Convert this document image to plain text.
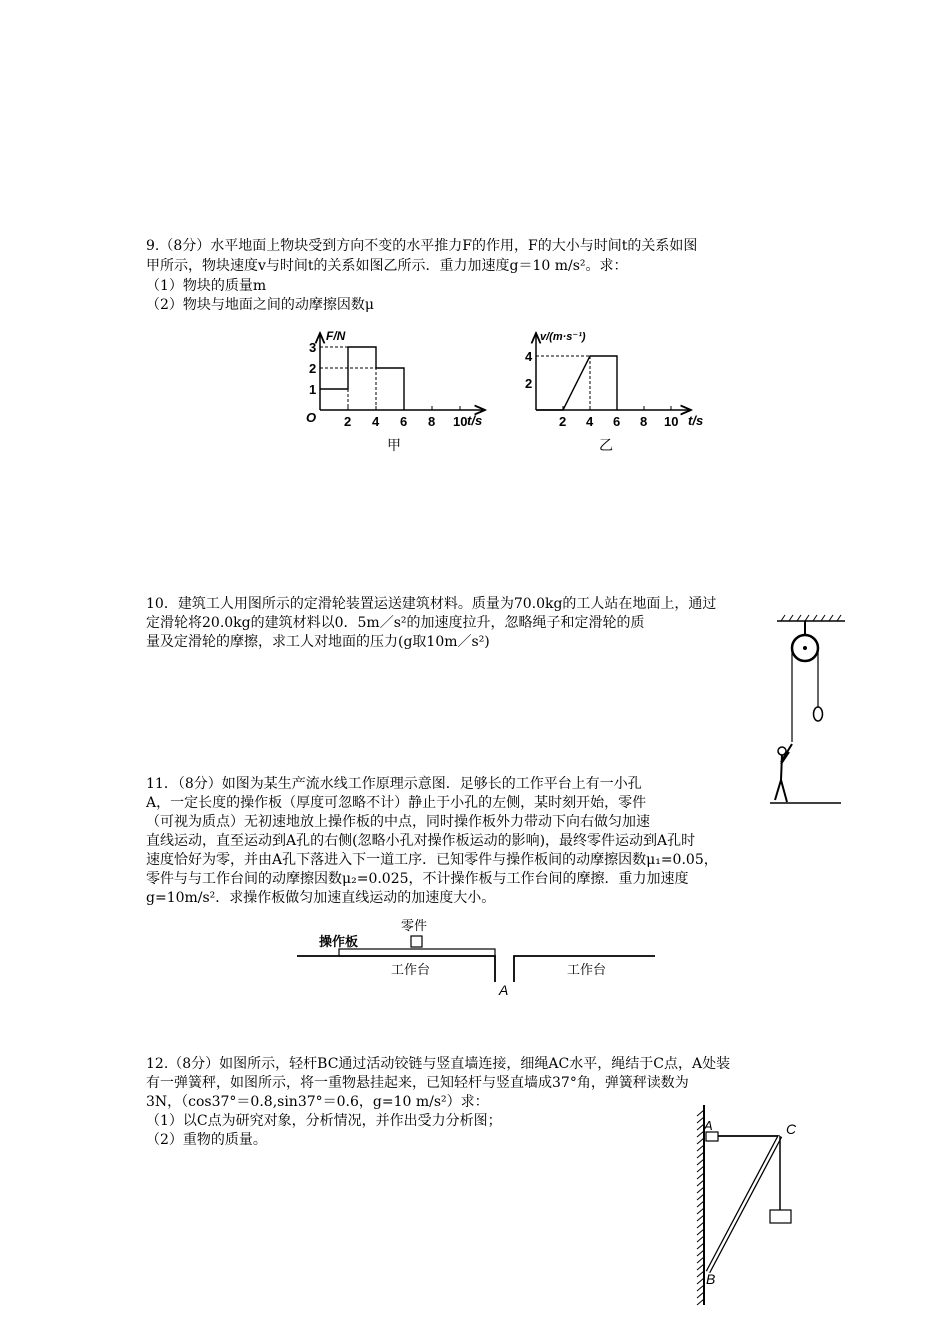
9.（8分）水平地面上物块受到方向不变的水平推力F的作用，F的大小与时间t的关系如图
甲所示，物块速度v与时间t的关系如图乙所示．重力加速度g＝10 m/s²。求：
（1）物块的质量m
（2）物块与地面之间的动摩擦因数μ
F/N
t/s
O 2 4 6 8 10
1
2
3
甲
v/(m·s⁻¹)
t/s
2 4 6 8 10
2
4
乙
10．建筑工人用图所示的定滑轮装置运送建筑材料。质量为70.0kg的工人站在地面上，通过
定滑轮将20.0kg的建筑材料以0．5m／s²的加速度拉升，忽略绳子和定滑轮的质
量及定滑轮的摩擦，求工人对地面的压力(g取10m／s²)
11．（8分）如图为某生产流水线工作原理示意图．足够长的工作平台上有一小孔
A，一定长度的操作板（厚度可忽略不计）静止于小孔的左侧，某时刻开始，零件
（可视为质点）无初速地放上操作板的中点，同时操作板外力带动下向右做匀加速
直线运动，直至运动到A孔的右侧(忽略小孔对操作板运动的影响)，最终零件运动到A孔时
速度恰好为零，并由A孔下落进入下一道工序．已知零件与操作板间的动摩擦因数μ₁=0.05，
零件与与工作台间的动摩擦因数μ₂=0.025，不计操作板与工作台间的摩擦．重力加速度
g=10m/s²．求操作板做匀加速直线运动的加速度大小。
零件
操作板
工作台	工作台
A
12.（8分）如图所示，轻杆BC通过活动铰链与竖直墙连接，细绳AC水平，绳结于C点，A处装
有一弹簧秤，如图所示，将一重物悬挂起来，已知轻杆与竖直墙成37°角，弹簧秤读数为
3N，（cos37°＝0.8,sin37°＝0.6，g=10 m/s²）求：
（1）以C点为研究对象，分析情况，并作出受力分析图；
（2）重物的质量。
A	C
B
